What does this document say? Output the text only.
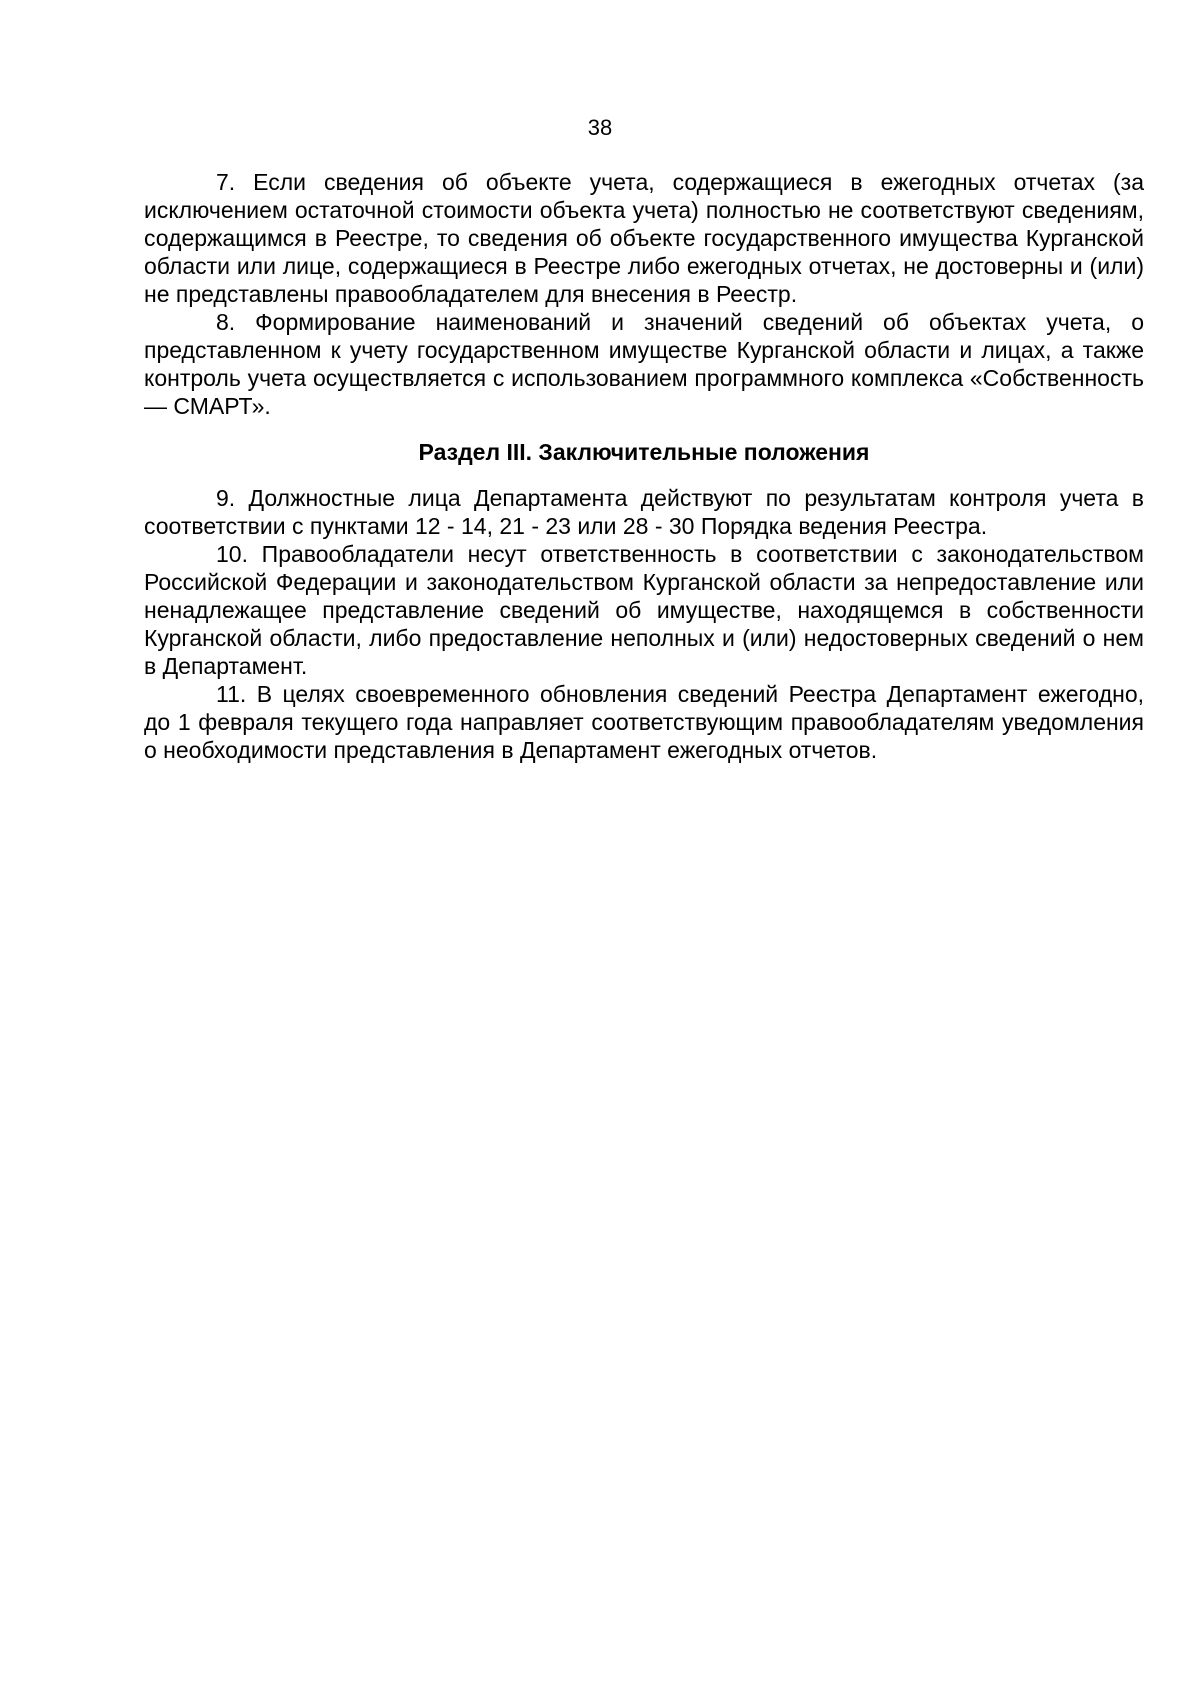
38

7. Если сведения об объекте учета, содержащиеся в ежегодных отчетах (за исключением остаточной стоимости объекта учета) полностью не соответствуют сведениям, содержащимся в Реестре, то сведения об объекте государственного имущества Курганской области или лице, содержащиеся в Реестре либо ежегодных отчетах, не достоверны и (или) не представлены правообладателем для внесения в Реестр.

8. Формирование наименований и значений сведений об объектах учета, о представленном к учету государственном имуществе Курганской области и лицах, а также контроль учета осуществляется с использованием программного комплекса «Собственность — СМАРТ».

Раздел III. Заключительные положения

9. Должностные лица Департамента действуют по результатам контроля учета в соответствии с пунктами 12 - 14, 21 - 23 или 28 - 30 Порядка ведения Реестра.

10. Правообладатели несут ответственность в соответствии с законодательством Российской Федерации и законодательством Курганской области за непредоставление или ненадлежащее представление сведений об имуществе, находящемся в собственности Курганской области, либо предоставление неполных и (или) недостоверных сведений о нем в Департамент.

11. В целях своевременного обновления сведений Реестра Департамент ежегодно, до 1 февраля текущего года направляет соответствующим правообладателям уведомления о необходимости представления в Департамент ежегодных отчетов.
